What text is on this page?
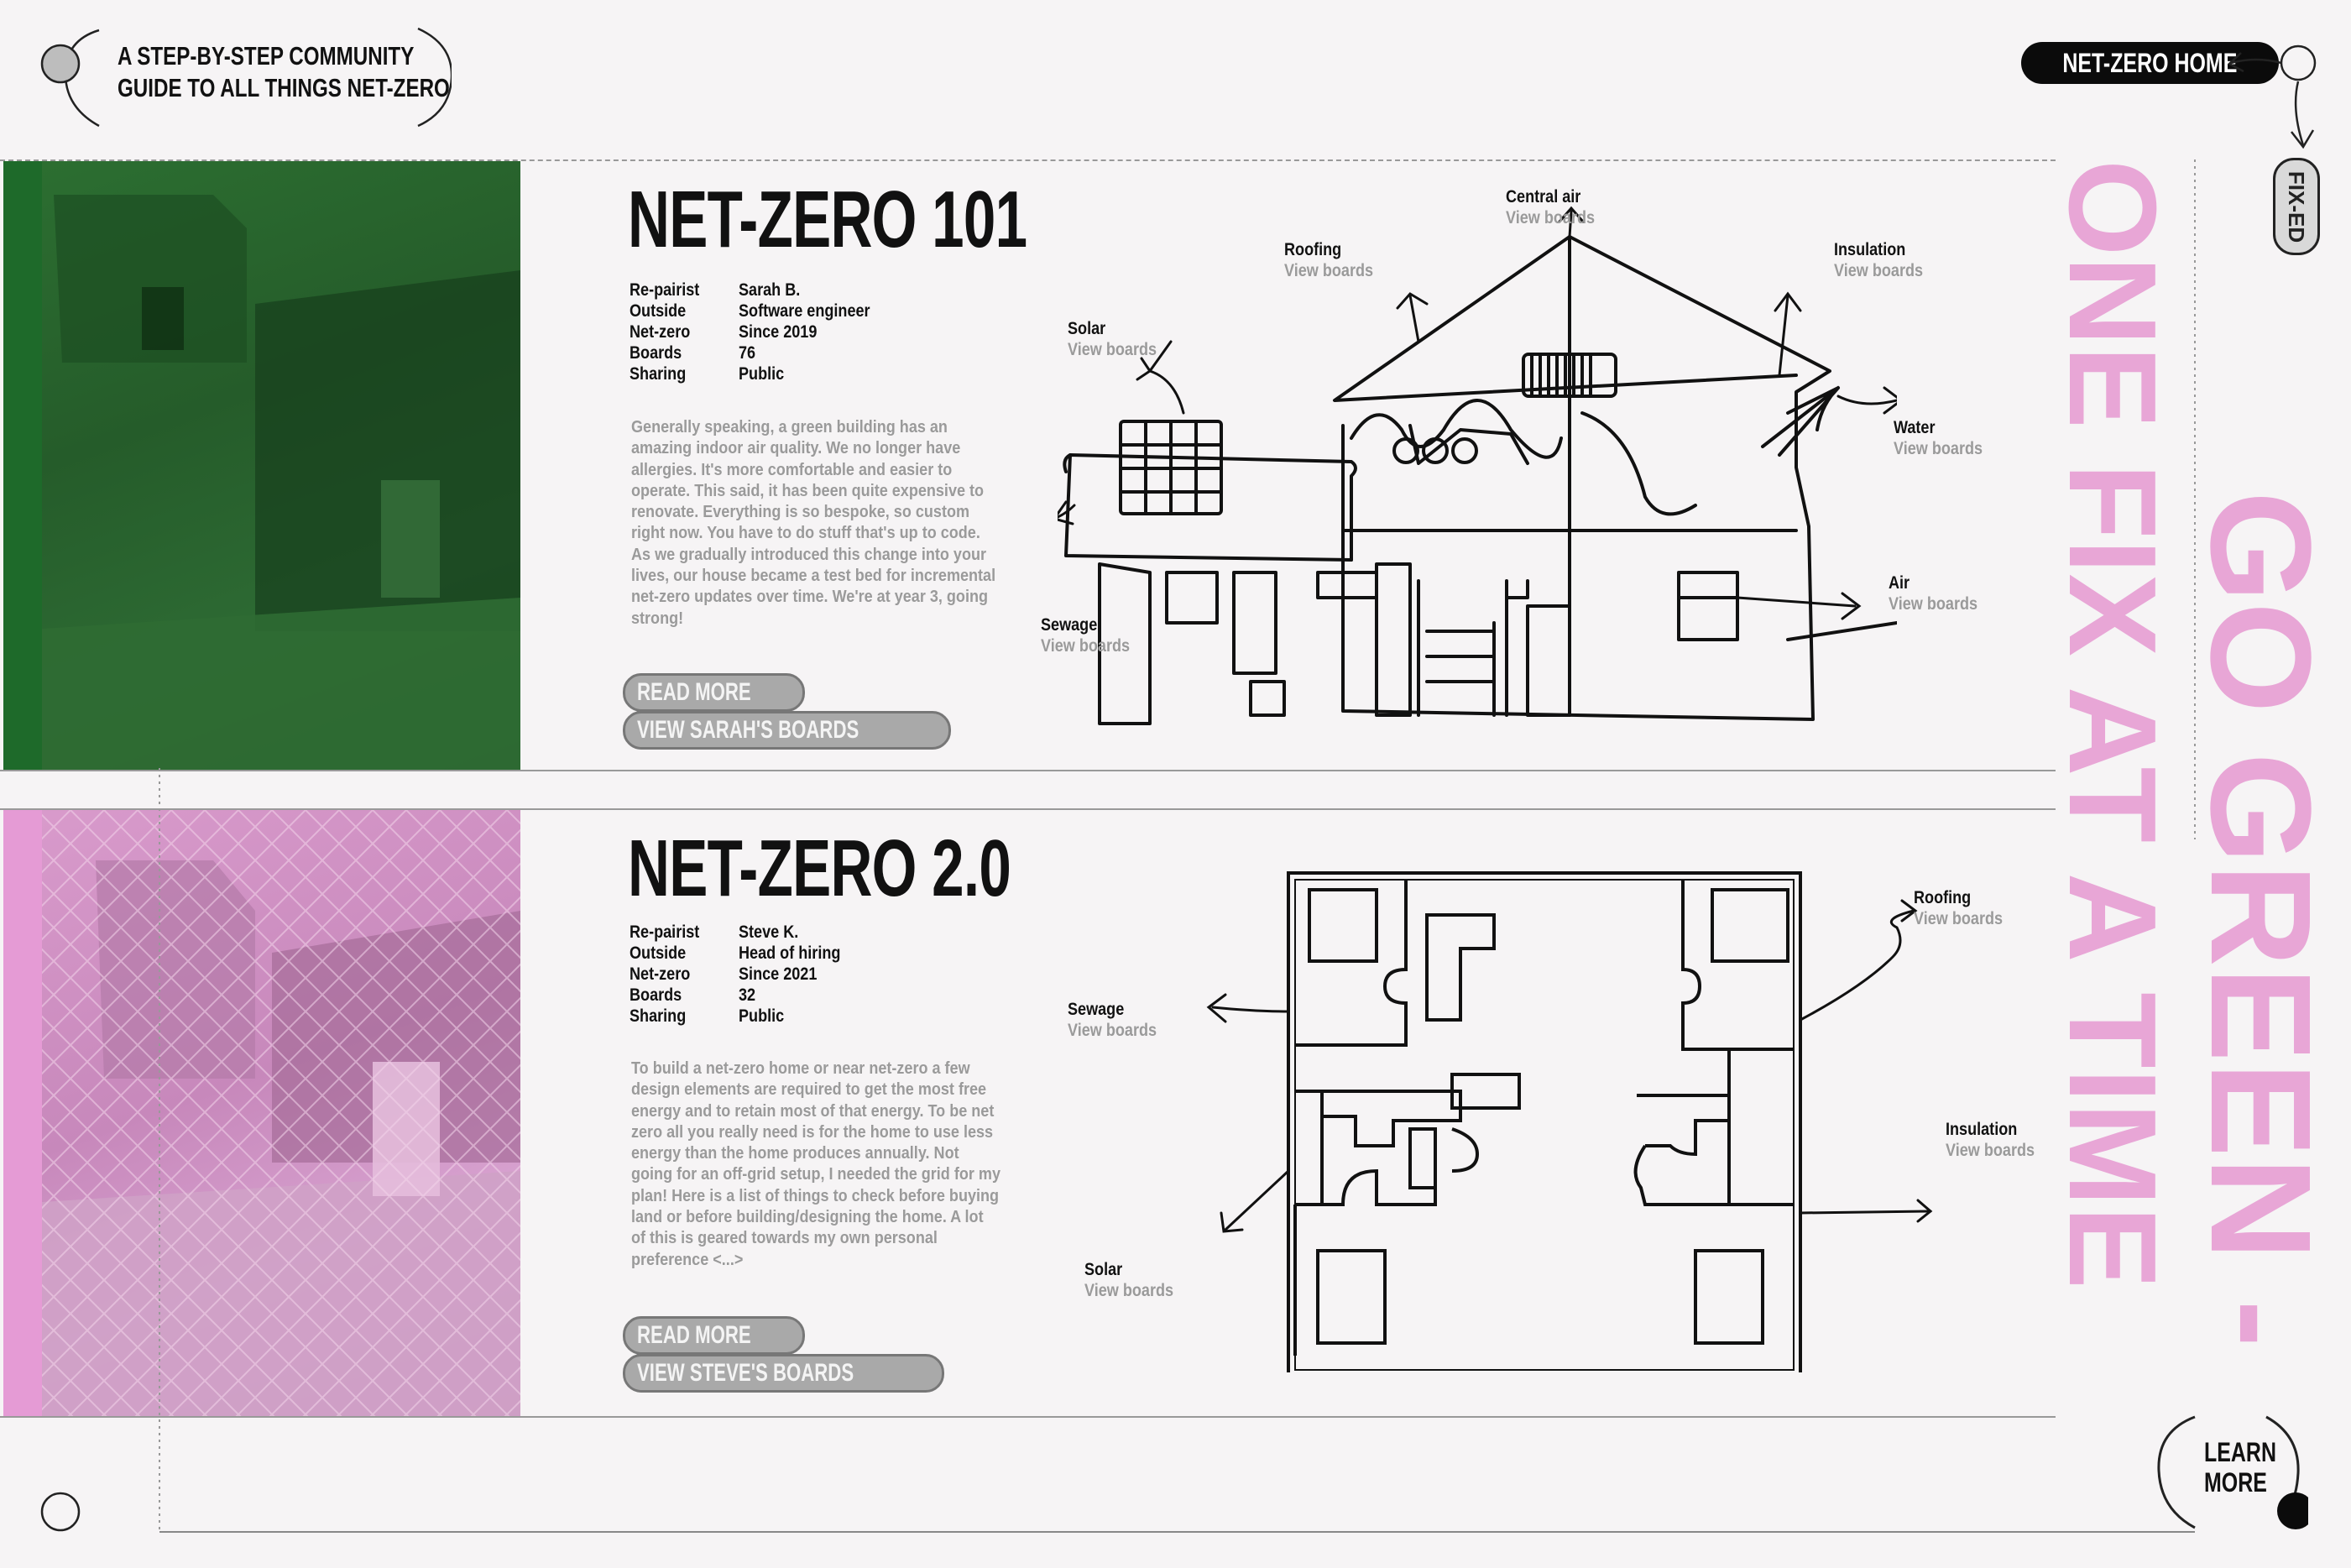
A STEP-BY-STEP COMMUNITY
GUIDE TO ALL THINGS NET-ZERO
NET-ZERO HOME
FIX-ED
NET-ZERO 101
Re-pairist	Sarah B.
Outside	Software engineer
Net-zero	Since 2019
Boards	76
Sharing	Public
Generally speaking, a green building has an amazing indoor air quality. We no longer have allergies. It's more comfortable and easier to operate. This said, it has been quite expensive to renovate. Everything is so bespoke, so custom right now. You have to do stuff that's up to code. As we gradually introduced this change into your lives, our house became a test bed for incremental net-zero updates over time. We're at year 3, going strong!
READ MORE
VIEW SARAH'S BOARDS
Central air
View boards
Roofing
View boards
Insulation
View boards
Solar
View boards
Water
View boards
Air
View boards
Sewage
View boards
NET-ZERO 2.0
Re-pairist	Steve K.
Outside	Head of hiring
Net-zero	Since 2021
Boards	32
Sharing	Public
To build a net-zero home or near net-zero a few design elements are required to get the most free energy and to retain most of that energy. To be net zero all you really need is for the home to use less energy than the home produces annually. Not going for an off-grid setup, I needed the grid for my plan! Here is a list of things to check before buying land or before building/designing the home. A lot of this is geared towards my own personal preference <...>
READ MORE
VIEW STEVE'S BOARDS
Roofing
View boards
Sewage
View boards
Insulation
View boards
Solar
View boards
ONE FIX AT A TIME GO GREEN -
LEARN
MORE
